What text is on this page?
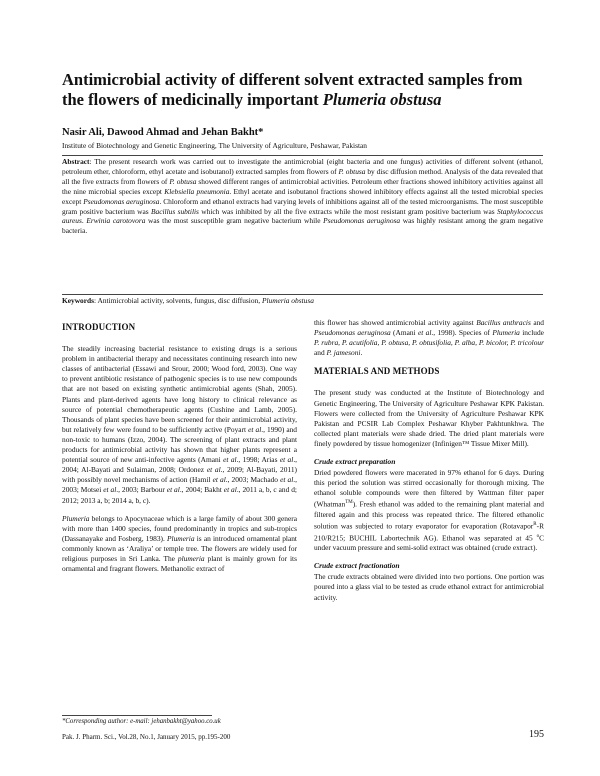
Antimicrobial activity of different solvent extracted samples from the flowers of medicinally important Plumeria obstusa

Nasir Ali, Dawood Ahmad and Jehan Bakht*

Institute of Biotechnology and Genetic Engineering, The University of Agriculture, Peshawar, Pakistan

Abstract: The present research work was carried out to investigate the antimicrobial (eight bacteria and one fungus) activities of different solvent (ethanol, petroleum ether, chloroform, ethyl acetate and isobutanol) extracted samples from flowers of P. obtusa by disc diffusion method. Analysis of the data revealed that all the five extracts from flowers of P. obtusa showed different ranges of antimicrobial activities. Petroleum ether fractions showed inhibitory activities against all the nine microbial species except Klebsiella pneumonia. Ethyl acetate and isobutanol fractions showed inhibitory effects against all the tested microbial species except Pseudomonas aeruginosa. Chloroform and ethanol extracts had varying levels of inhibitions against all of the tested microorganisms. The most susceptible gram positive bacterium was Bacillus subtilis which was inhibited by all the five extracts while the most resistant gram positive bacterium was Staphylococcus aureus. Erwinia carotovora was the most susceptible gram negative bacterium while Pseudomonas aeruginosa was highly resistant among the gram negative bacteria.

Keywords: Antimicrobial activity, solvents, fungus, disc diffusion, Plumeria obstusa

INTRODUCTION

The steadily increasing bacterial resistance to existing drugs is a serious problem in antibacterial therapy and necessitates continuing research into new classes of antibacterial (Essawi and Srour, 2000; Wood ford, 2003). One way to prevent antibiotic resistance of pathogenic species is to use new compounds that are not based on existing synthetic antimicrobial agents (Shah, 2005). Plants and plant-derived agents have long history to clinical relevance as source of potential chemotherapeutic agents (Cushine and Lamb, 2005). Thousands of plant species have been screened for their antimicrobial activity, but relatively few were found to be sufficiently active (Poyart et al., 1990) and non-toxic to humans (Izzo, 2004). The screening of plant extracts and plant products for antimicrobial activity has shown that higher plants represent a potential source of new anti-infective agents (Amani et al., 1998; Arias et al., 2004; Al-Bayati and Sulaiman, 2008; Ordonez et al., 2009; Al-Bayati, 2011) with possibly novel mechanisms of action (Hamil et al., 2003; Machado et al., 2003; Motsei et al., 2003; Barbour et al., 2004; Bakht et al., 2011 a, b, c and d; 2012; 2013 a, b; 2014 a, b, c).

Plumeria belongs to Apocynaceae which is a large family of about 300 genera with more than 1400 species, found predominantly in tropics and sub-tropics (Dassanayake and Fosberg, 1983). Plumeria is an introduced ornamental plant commonly known as ‘Araliya’ or temple tree. The flowers are widely used for religious purposes in Sri Lanka. The plumeria plant is mainly grown for its ornamental and fragrant flowers. Methanolic extract of

this flower has showed antimicrobial activity against Bacillus anthracis and Pseudomonas aeruginosa (Amani et al., 1998). Species of Plumeria include P. rubra, P. acutifolia, P. obtusa, P. obtusifolia, P. alba, P. bicolor, P. tricolour and P. jamesoni.

MATERIALS AND METHODS

The present study was conducted at the Institute of Biotechnology and Genetic Engineering, The University of Agriculture Peshawar KPK Pakistan. Flowers were collected from the University of Agriculture Peshawar KPK Pakistan and PCSIR Lab Complex Peshawar Khyber Pakhtunkhwa. The collected plant materials were shade dried. The dried plant materials were finely powdered by tissue homogenizer (Infinigen™ Tissue Mixer Mill).

Crude extract preparation

Dried powdered flowers were macerated in 97% ethanol for 6 days. During this period the solution was stirred occasionally for thorough mixing. The ethanol soluble compounds were then filtered by Wattman filter paper (Whatman™). Fresh ethanol was added to the remaining plant material and filtered again and this process was repeated thrice. The filtered ethanolic solution was subjected to rotary evaporator for evaporation (Rotavapor$^R$-R 210/R215; BUCHIL Labortechnik AG). Ethanol was separated at 45 $^o$C under vacuum pressure and semi-solid extract was obtained (crude extract).

Crude extract fractionation

The crude extracts obtained were divided into two portions. One portion was poured into a glass vial to be tested as crude ethanol extract for antimicrobial activity.

*Corresponding author: e-mail: jehanbakht@yahoo.co.uk

Pak. J. Pharm. Sci., Vol.28, No.1, January 2015, pp.195-200	195
